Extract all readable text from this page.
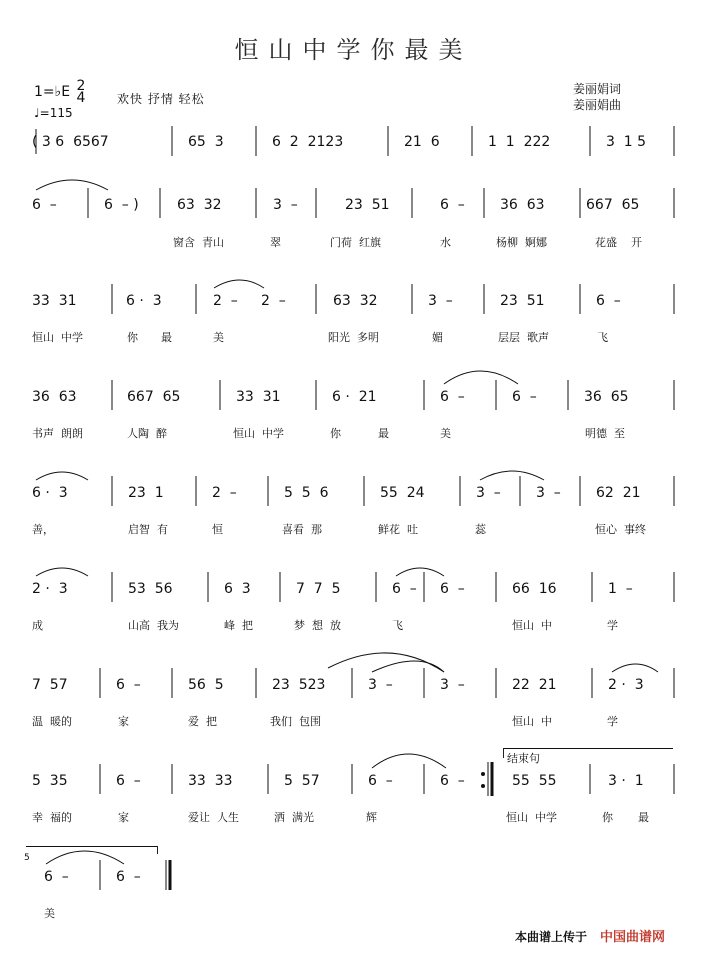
恒山中学你最美
1=♭E 2
4
♩=115
欢快 抒情 轻松
姜丽娟词
姜丽娟曲
( 3 6  6567	65  3	6  2  2123	21  6	1  1  222	3  1 5
6  –	6  – )	63  32	3  –	23  51	6  –	36  63	667  65
窗含  青山	翠	门荷  红旗	水	杨柳  婀娜	花盛    开
33  31	6 ·  3	2  – 2  –	63  32	3  –	23  51	6  –
恒山  中学	你 最	美	阳光  多明	媚	层层  歌声	飞
36  63	667  65	33  31	6 ·  21	6  –	6  –	36  65
书声  朗朗	人陶  醉	恒山  中学	你	最	美	明德  至
6 ·  3	23  1	2  –	5  5  6	55  24	3  –	3  –	62  21
善，	启智  有	恒	喜看  那	鲜花  吐	蕊	恒心  事终
2 ·  3	53  56	6  3	7  7  5	6  – 6  –	66  16	1  –
成	山高  我为	峰  把	梦  想  放	飞	恒山  中	学
7  57	6  –	56  5	23  523	3  –	3  –	22  21	2 ·  3
温  暖的	家	爱  把	我们  包围	恒山  中	学
结束句
5  35	6  –	33  33	5  57	6  –	6  –	55  55	3 ·  1
幸  福的	家	爱让  人生	洒  满光	辉	恒山  中学	你 最
5
6  –	6  –
美
本曲谱上传于 中国曲谱网
